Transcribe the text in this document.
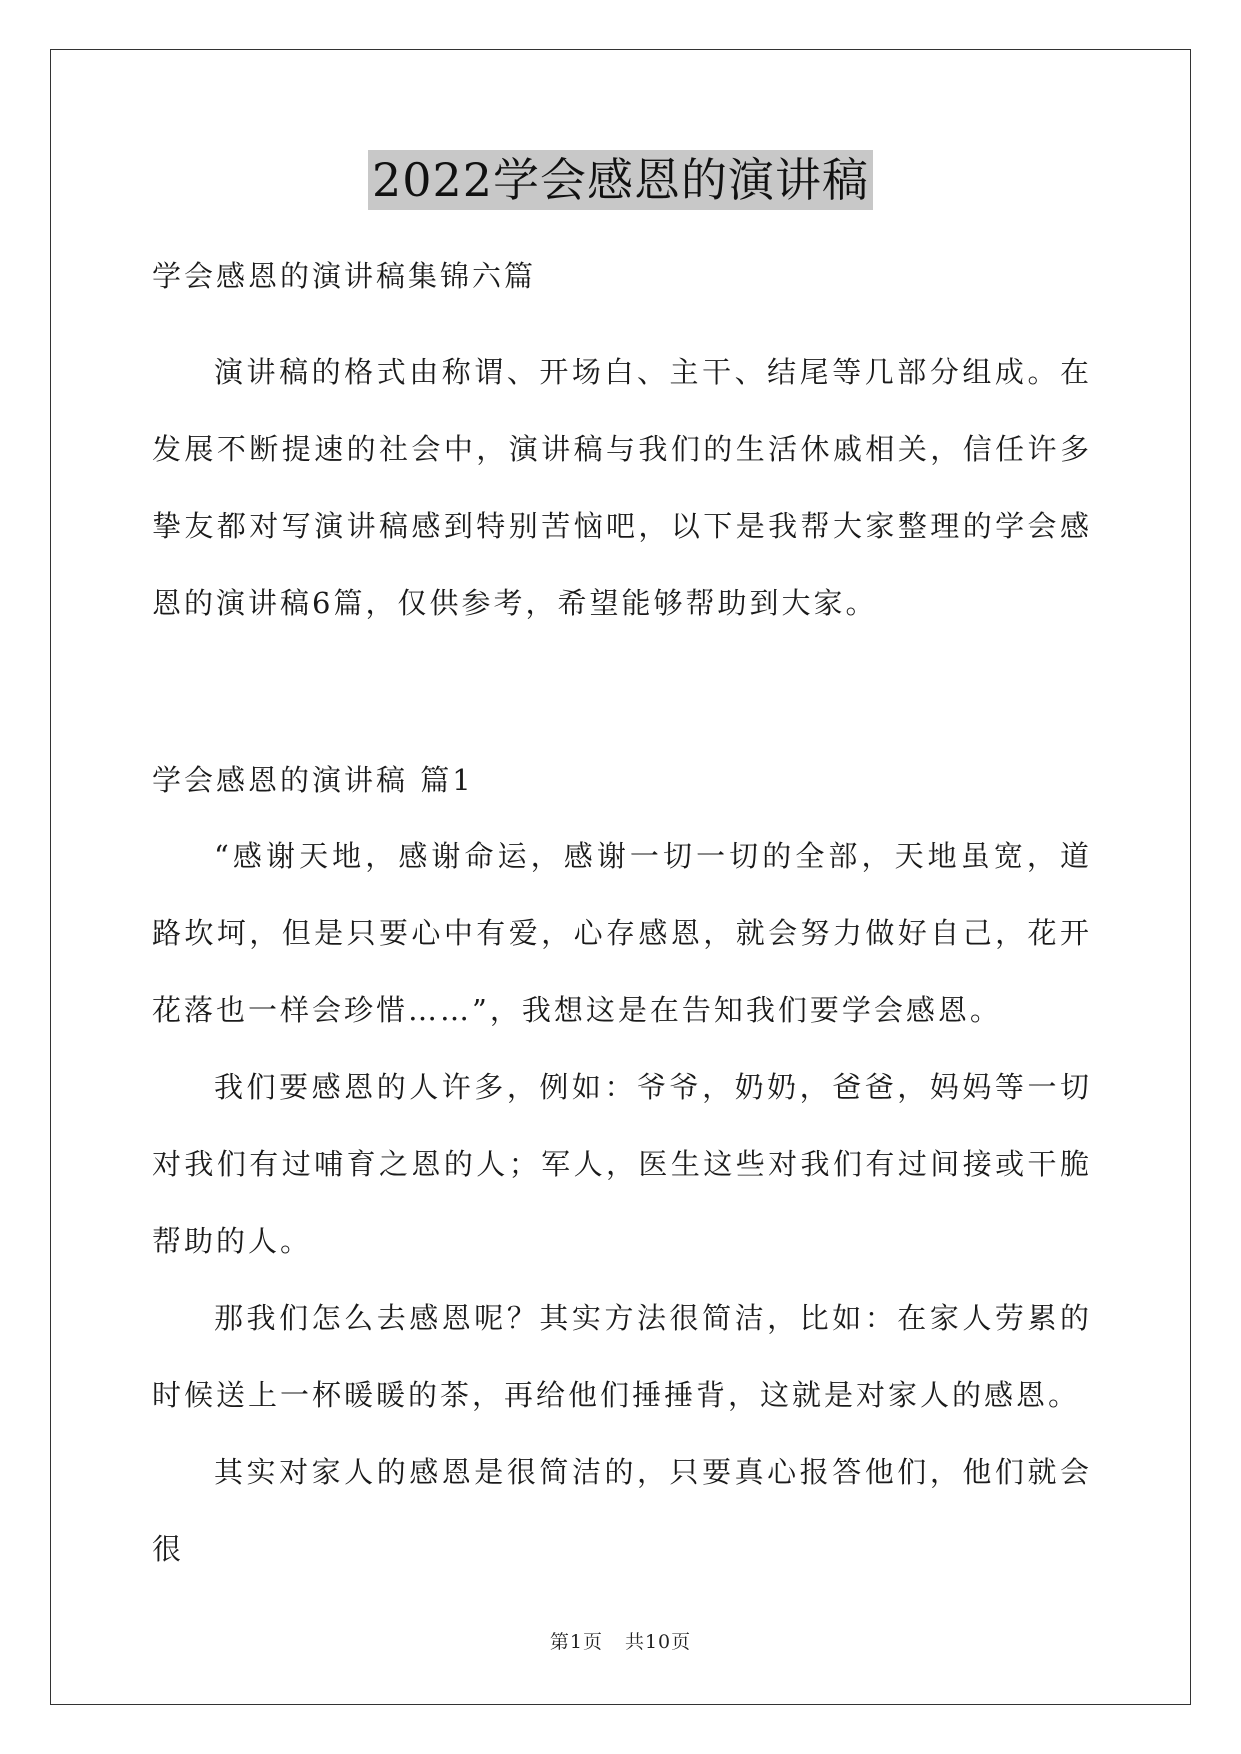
2022学会感恩的演讲稿
学会感恩的演讲稿集锦六篇
演讲稿的格式由称谓、开场白、主干、结尾等几部分组成。在发展不断提速的社会中，演讲稿与我们的生活休戚相关，信任许多挚友都对写演讲稿感到特别苦恼吧，以下是我帮大家整理的学会感恩的演讲稿6篇，仅供参考，希望能够帮助到大家。
学会感恩的演讲稿 篇1

“感谢天地，感谢命运，感谢一切一切的全部，天地虽宽，道路坎坷，但是只要心中有爱，心存感恩，就会努力做好自己，花开花落也一样会珍惜……”，我想这是在告知我们要学会感恩。

我们要感恩的人许多，例如：爷爷，奶奶，爸爸，妈妈等一切对我们有过哺育之恩的人；军人，医生这些对我们有过间接或干脆帮助的人。

那我们怎么去感恩呢？其实方法很简洁，比如：在家人劳累的时候送上一杯暖暖的茶，再给他们捶捶背，这就是对家人的感恩。

其实对家人的感恩是很简洁的，只要真心报答他们，他们就会很

第1页 共10页
